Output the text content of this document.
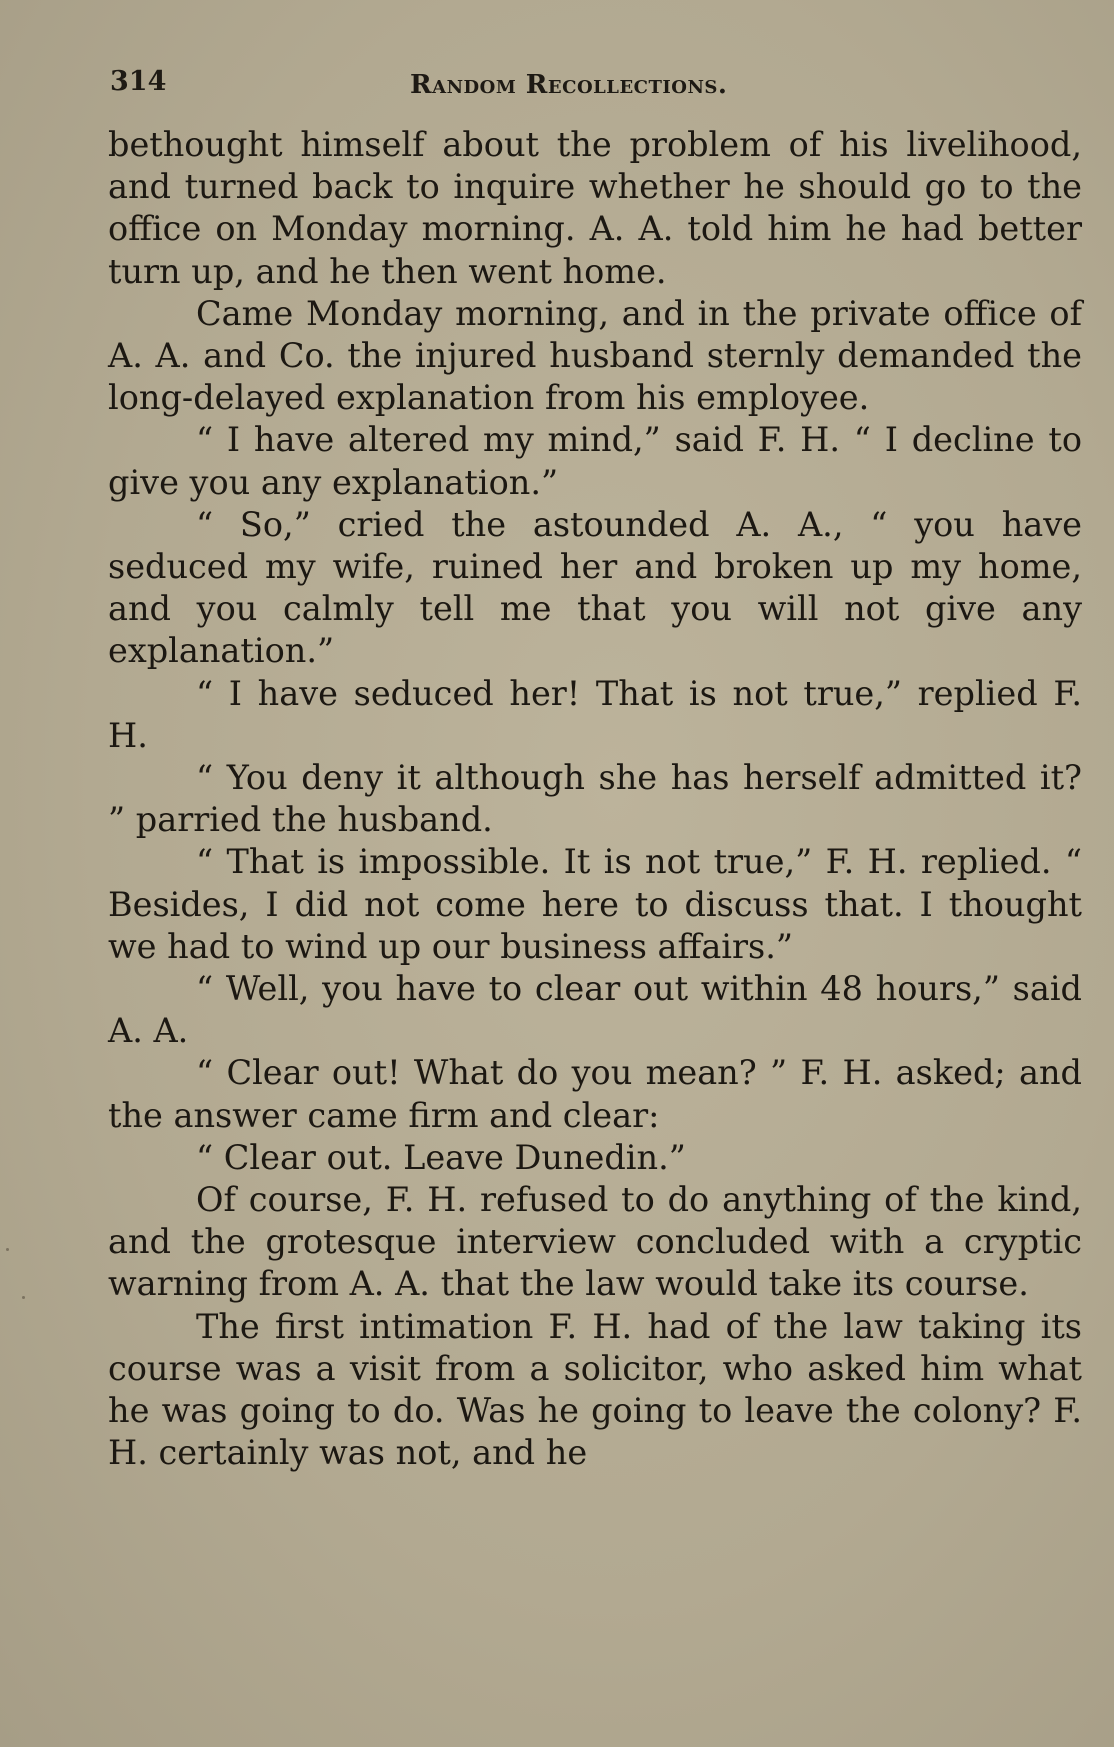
314	Random Recollections.

bethought himself about the problem of his livelihood, and turned back to inquire whether he should go to the office on Monday morning. A. A. told him he had better turn up, and he then went home.

Came Monday morning, and in the private office of A. A. and Co. the injured husband sternly demanded the long-delayed explanation from his employee.

“ I have altered my mind,” said F. H. “ I decline to give you any explanation.”

“ So,” cried the astounded A. A., “ you have seduced my wife, ruined her and broken up my home, and you calmly tell me that you will not give any explanation.”

“ I have seduced her! That is not true,” replied F. H.

“ You deny it although she has herself admitted it? ” parried the husband.

“ That is impossible. It is not true,” F. H. replied. “ Besides, I did not come here to discuss that. I thought we had to wind up our business affairs.”

“ Well, you have to clear out within 48 hours,” said A. A.

“ Clear out! What do you mean? ” F. H. asked; and the answer came firm and clear:

“ Clear out. Leave Dunedin.”

Of course, F. H. refused to do anything of the kind, and the grotesque interview concluded with a cryptic warning from A. A. that the law would take its course.

The first intimation F. H. had of the law taking its course was a visit from a solicitor, who asked him what he was going to do. Was he going to leave the colony? F. H. certainly was not, and he
